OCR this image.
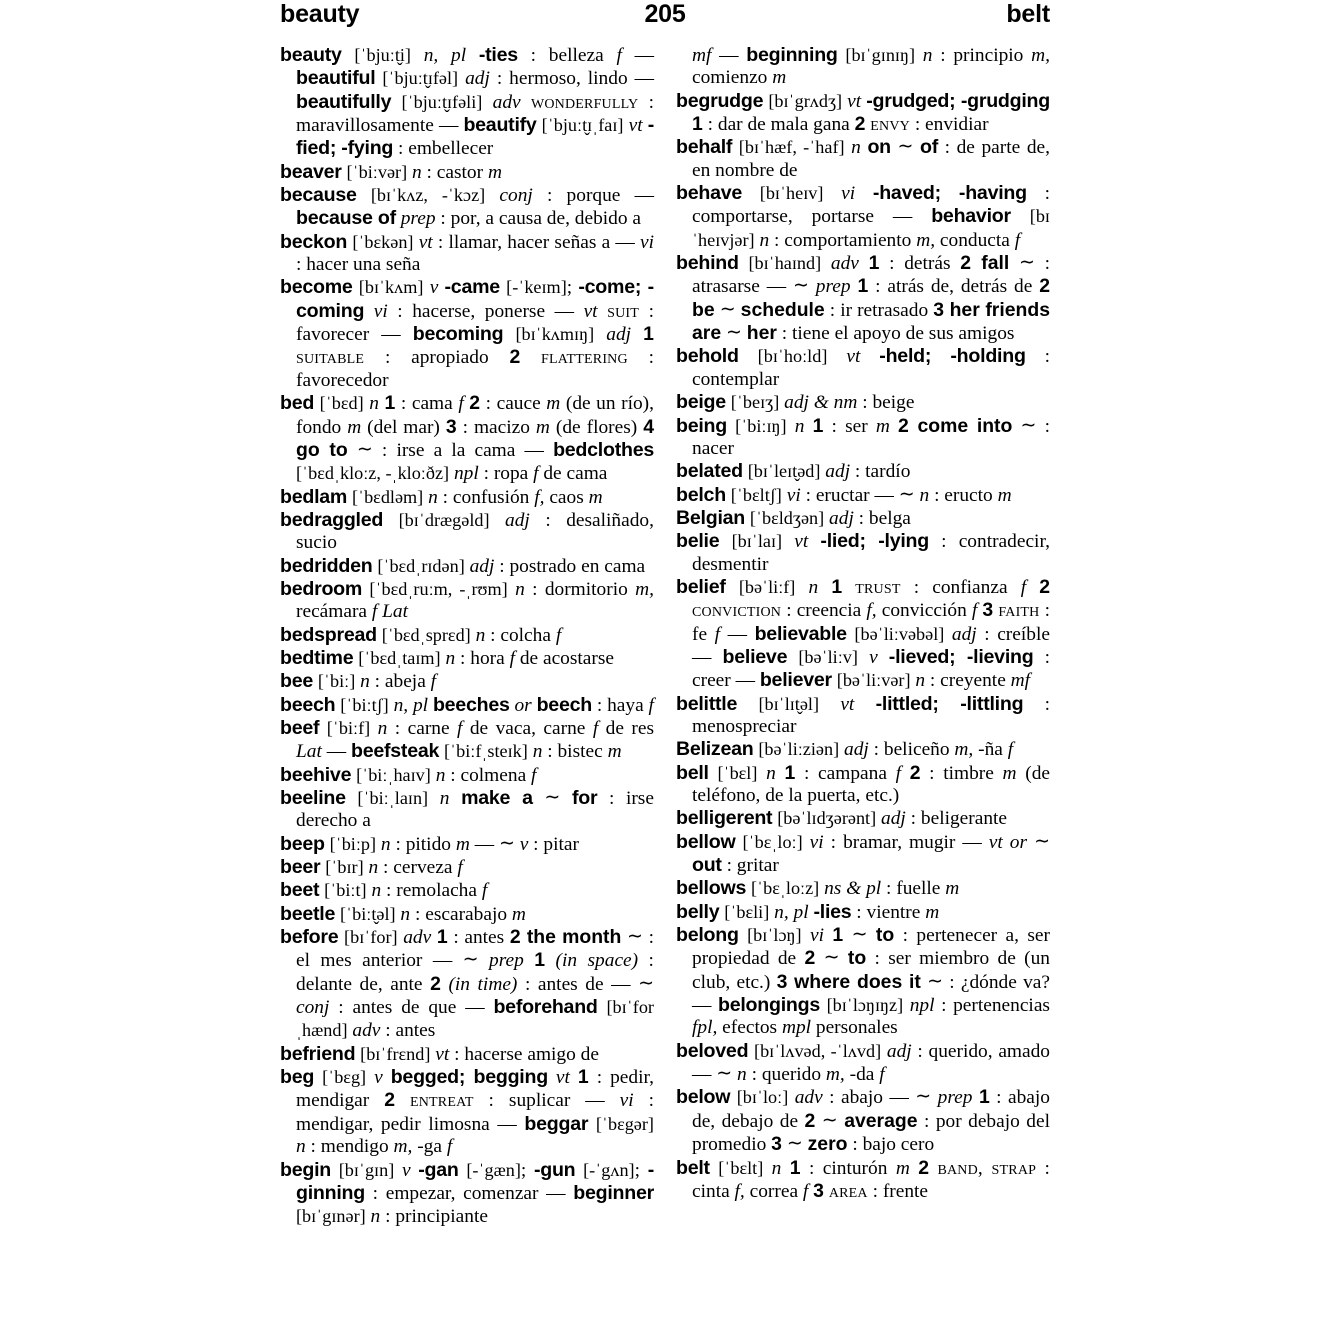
beauty	205	belt

beauty [ˈbjuːt̬i] n, pl -ties : belleza f — beautiful [ˈbjuːt̬ɪfəl] adj : hermoso, lindo — beautifully [ˈbjuːt̬ɪfəli] adv wonderfully : maravillosamente — beautify [ˈbjuːt̬ɪˌfaɪ] vt -fied; -fying : embellecer

beaver [ˈbiːvər] n : castor m

because [bɪˈkʌz, -ˈkɔz] conj : porque — because of prep : por, a causa de, debido a

beckon [ˈbɛkən] vt : llamar, hacer señas a — vi : hacer una seña

become [bɪˈkʌm] v -came [-ˈkeɪm]; -come; -coming vi : hacerse, ponerse — vt suit : favorecer — becoming [bɪˈkʌmɪŋ] adj 1 suitable : apropiado 2 flattering : favorecedor

bed [ˈbɛd] n 1 : cama f 2 : cauce m (de un río), fondo m (del mar) 3 : macizo m (de flores) 4 go to ∼ : irse a la cama — bedclothes [ˈbɛdˌkloːz, -ˌkloːðz] npl : ropa f de cama

bedlam [ˈbɛdləm] n : confusión f, caos m

bedraggled [bɪˈdrægəld] adj : desaliñado, sucio

bedridden [ˈbɛdˌrɪdən] adj : postrado en cama

bedroom [ˈbɛdˌruːm, -ˌrʊm] n : dormitorio m, recámara f Lat

bedspread [ˈbɛdˌsprɛd] n : colcha f

bedtime [ˈbɛdˌtaɪm] n : hora f de acostarse

bee [ˈbiː] n : abeja f

beech [ˈbiːtʃ] n, pl beeches or beech : haya f

beef [ˈbiːf] n : carne f de vaca, carne f de res Lat — beefsteak [ˈbiːfˌsteɪk] n : bistec m

beehive [ˈbiːˌhaɪv] n : colmena f

beeline [ˈbiːˌlaɪn] n make a ∼ for : irse derecho a

beep [ˈbiːp] n : pitido m — ∼ v : pitar

beer [ˈbɪr] n : cerveza f

beet [ˈbiːt] n : remolacha f

beetle [ˈbiːt̬əl] n : escarabajo m

before [bɪˈfor] adv 1 : antes 2 the month ∼ : el mes anterior — ∼ prep 1 (in space) : delante de, ante 2 (in time) : antes de — ∼ conj : antes de que — beforehand [bɪˈforˌhænd] adv : antes

befriend [bɪˈfrɛnd] vt : hacerse amigo de

beg [ˈbɛg] v begged; begging vt 1 : pedir, mendigar 2 entreat : suplicar — vi : mendigar, pedir limosna — beggar [ˈbɛgər] n : mendigo m, -ga f

begin [bɪˈgɪn] v -gan [-ˈgæn]; -gun [-ˈgʌn]; -ginning : empezar, comenzar — beginner [bɪˈgɪnər] n : principiante

mf — beginning [bɪˈgɪnɪŋ] n : principio m, comienzo m

begrudge [bɪˈgrʌdʒ] vt -grudged; -grudging 1 : dar de mala gana 2 envy : envidiar

behalf [bɪˈhæf, -ˈhaf] n on ∼ of : de parte de, en nombre de

behave [bɪˈheɪv] vi -haved; -having : comportarse, portarse — behavior [bɪˈheɪvjər] n : comportamiento m, conducta f

behind [bɪˈhaɪnd] adv 1 : detrás 2 fall ∼ : atrasarse — ∼ prep 1 : atrás de, detrás de 2 be ∼ schedule : ir retrasado 3 her friends are ∼ her : tiene el apoyo de sus amigos

behold [bɪˈhoːld] vt -held; -holding : contemplar

beige [ˈbeɪʒ] adj & nm : beige

being [ˈbiːɪŋ] n 1 : ser m 2 come into ∼ : nacer

belated [bɪˈleɪt̬əd] adj : tardío

belch [ˈbɛltʃ] vi : eructar — ∼ n : eructo m

Belgian [ˈbɛldʒən] adj : belga

belie [bɪˈlaɪ] vt -lied; -lying : contradecir, desmentir

belief [bəˈliːf] n 1 trust : confianza f 2 conviction : creencia f, convicción f 3 faith : fe f — believable [bəˈliːvəbəl] adj : creíble — believe [bəˈliːv] v -lieved; -lieving : creer — believer [bəˈliːvər] n : creyente mf

belittle [bɪˈlɪt̬əl] vt -littled; -littling : menospreciar

Belizean [bəˈliːziən] adj : beliceño m, -ña f

bell [ˈbɛl] n 1 : campana f 2 : timbre m (de teléfono, de la puerta, etc.)

belligerent [bəˈlɪdʒərənt] adj : beligerante

bellow [ˈbɛˌloː] vi : bramar, mugir — vt or ∼ out : gritar

bellows [ˈbɛˌloːz] ns & pl : fuelle m

belly [ˈbɛli] n, pl -lies : vientre m

belong [bɪˈlɔŋ] vi 1 ∼ to : pertenecer a, ser propiedad de 2 ∼ to : ser miembro de (un club, etc.) 3 where does it ∼ : ¿dónde va? — belongings [bɪˈlɔŋɪŋz] npl : pertenencias fpl, efectos mpl personales

beloved [bɪˈlʌvəd, -ˈlʌvd] adj : querido, amado — ∼ n : querido m, -da f

below [bɪˈloː] adv : abajo — ∼ prep 1 : abajo de, debajo de 2 ∼ average : por debajo del promedio 3 ∼ zero : bajo cero

belt [ˈbɛlt] n 1 : cinturón m 2 band, strap : cinta f, correa f 3 area : frente
